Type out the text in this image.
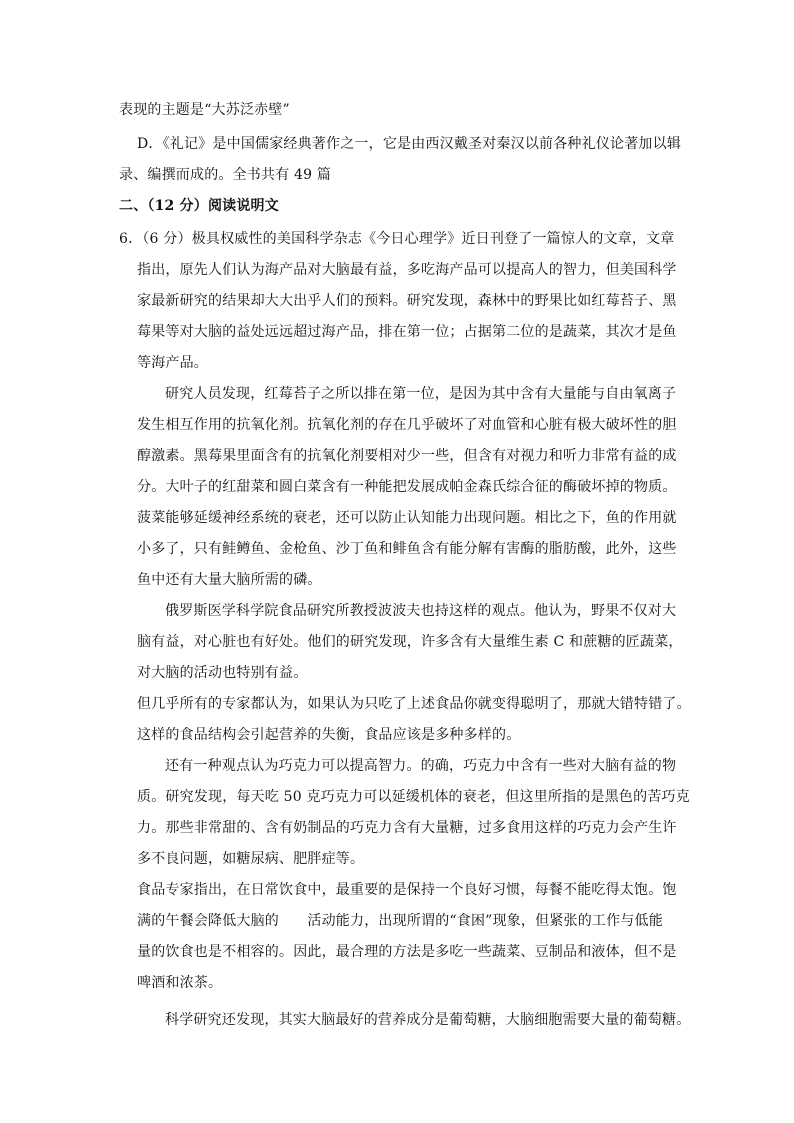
表现的主题是“大苏泛赤壁”
D．《礼记》是中国儒家经典著作之一，它是由西汉戴圣对秦汉以前各种礼仪论著加以辑
录、编撰而成的。全书共有 49 篇
二、（12 分）阅读说明文
6．（6 分）极具权威性的美国科学杂志《今日心理学》近日刊登了一篇惊人的文章，文章
指出，原先人们认为海产品对大脑最有益，多吃海产品可以提高人的智力，但美国科学
家最新研究的结果却大大出乎人们的预料。研究发现，森林中的野果比如红莓苔子、黑
莓果等对大脑的益处远远超过海产品，排在第一位；占据第二位的是蔬菜，其次才是鱼
等海产品。
研究人员发现，红莓苔子之所以排在第一位，是因为其中含有大量能与自由氧离子
发生相互作用的抗氧化剂。抗氧化剂的存在几乎破坏了对血管和心脏有极大破坏性的胆
醇激素。黑莓果里面含有的抗氧化剂要相对少一些，但含有对视力和听力非常有益的成
分。大叶子的红甜菜和圆白菜含有一种能把发展成帕金森氏综合征的酶破坏掉的物质。
菠菜能够延缓神经系统的衰老，还可以防止认知能力出现问题。相比之下，鱼的作用就
小多了，只有鲑鳟鱼、金枪鱼、沙丁鱼和鲱鱼含有能分解有害酶的脂肪酸，此外，这些
鱼中还有大量大脑所需的磷。
俄罗斯医学科学院食品研究所教授波波夫也持这样的观点。他认为，野果不仅对大
脑有益，对心脏也有好处。他们的研究发现，许多含有大量维生素 C 和蔗糖的匠蔬菜，
对大脑的活动也特别有益。
但几乎所有的专家都认为，如果认为只吃了上述食品你就变得聪明了，那就大错特错了。
这样的食品结构会引起营养的失衡，食品应该是多种多样的。
还有一种观点认为巧克力可以提高智力。的确，巧克力中含有一些对大脑有益的物
质。研究发现，每天吃 50 克巧克力可以延缓机体的衰老，但这里所指的是黑色的苦巧克
力。那些非常甜的、含有奶制品的巧克力含有大量糖，过多食用这样的巧克力会产生许
多不良问题，如糖尿病、肥胖症等。
食品专家指出，在日常饮食中，最重要的是保持一个良好习惯，每餐不能吃得太饱。饱
满的午餐会降低大脑的　　活动能力，出现所谓的“食困”现象，但紧张的工作与低能
量的饮食也是不相容的。因此，最合理的方法是多吃一些蔬菜、豆制品和液体，但不是
啤酒和浓茶。
科学研究还发现，其实大脑最好的营养成分是葡萄糖，大脑细胞需要大量的葡萄糖。
